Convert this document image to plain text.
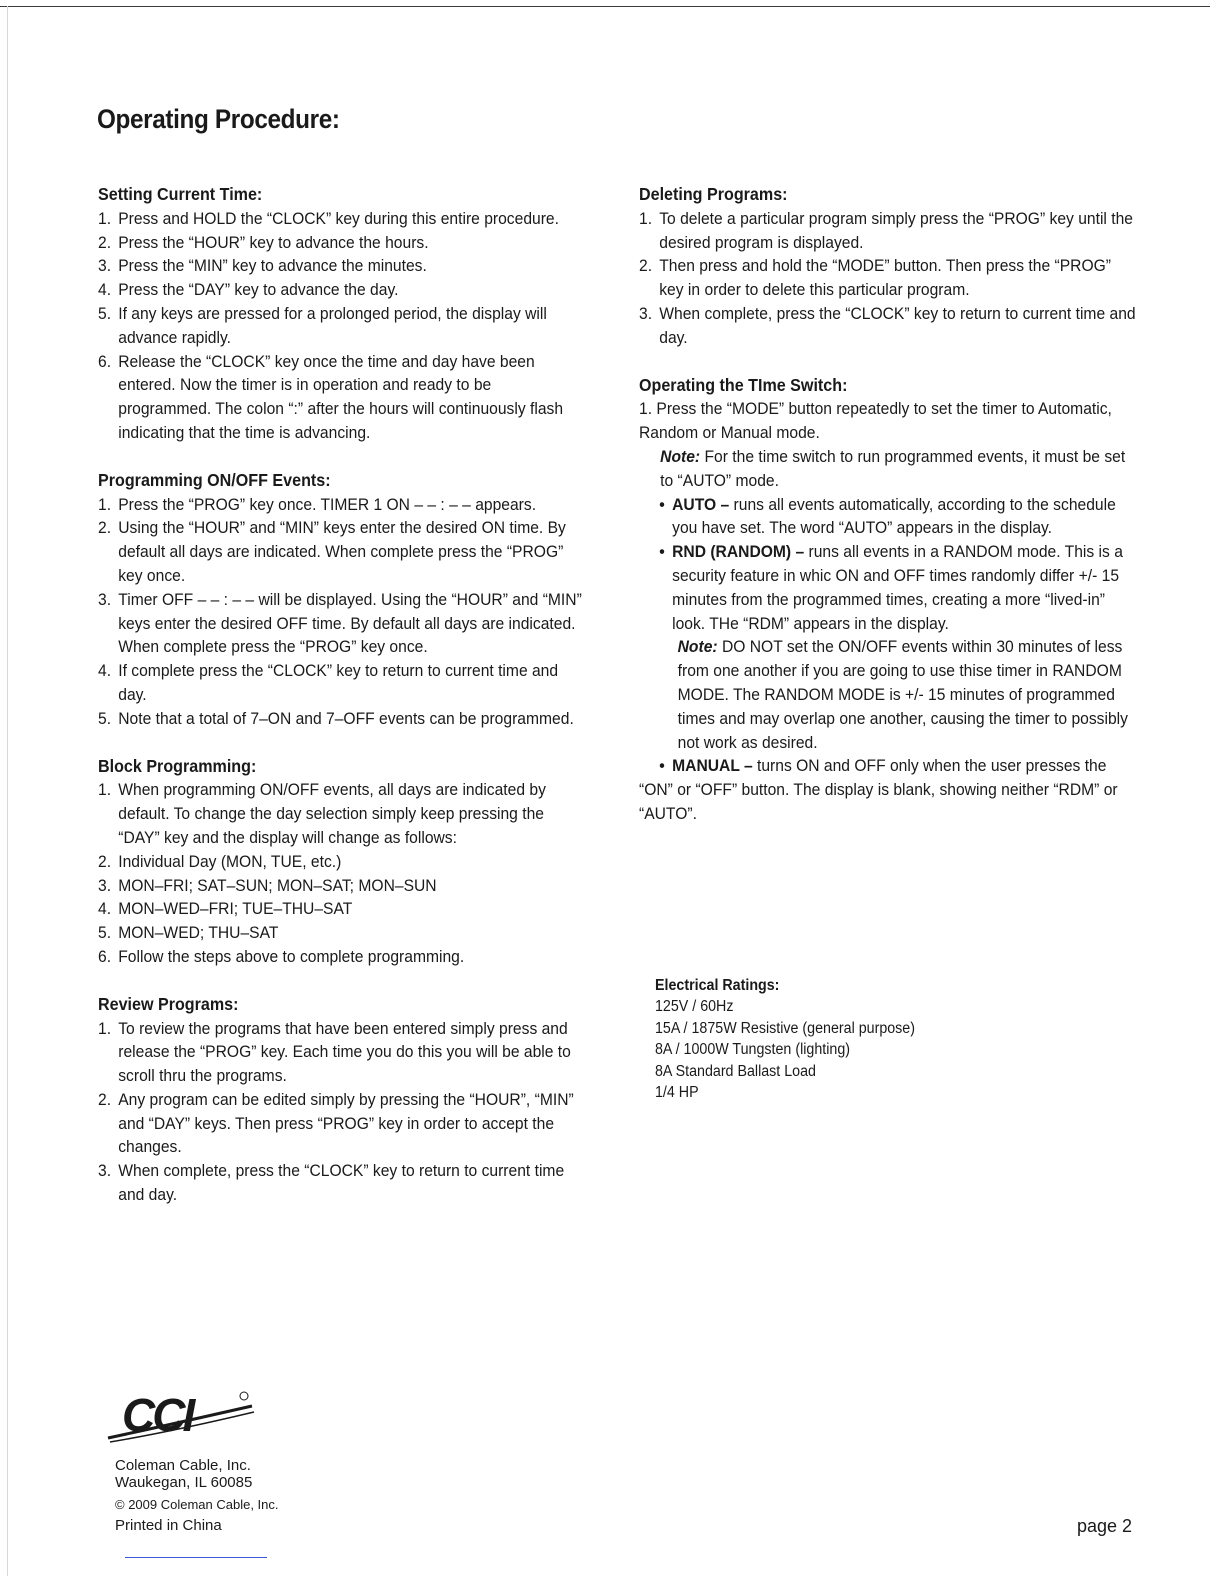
Operating Procedure:
Setting Current Time:
1. Press and HOLD the “CLOCK” key during this entire procedure.
2. Press the “HOUR” key to advance the hours.
3. Press the “MIN” key to advance the minutes.
4. Press the “DAY” key to advance the day.
5. If any keys are pressed for a prolonged period, the display will advance rapidly.
6. Release the “CLOCK” key once the time and day have been entered. Now the timer is in operation and ready to be programmed. The colon “:” after the hours will continuously flash indicating that the time is advancing.
Programming ON/OFF Events:
1. Press the “PROG” key once. TIMER 1 ON – – : – – appears.
2. Using the “HOUR” and “MIN” keys enter the desired ON time. By default all days are indicated. When complete press the “PROG” key once.
3. Timer OFF – – : – – will be displayed. Using the “HOUR” and “MIN” keys enter the desired OFF time. By default all days are indicated. When complete press the “PROG” key once.
4. If complete press the “CLOCK” key to return to current time and day.
5. Note that a total of 7–ON and 7–OFF events can be programmed.
Block Programming:
1. When programming ON/OFF events, all days are indicated by default. To change the day selection simply keep pressing the “DAY” key and the display will change as follows:
2. Individual Day (MON, TUE, etc.)
3. MON–FRI; SAT–SUN; MON–SAT; MON–SUN
4. MON–WED–FRI; TUE–THU–SAT
5. MON–WED; THU–SAT
6. Follow the steps above to complete programming.
Review Programs:
1. To review the programs that have been entered simply press and release the “PROG” key. Each time you do this you will be able to scroll thru the programs.
2. Any program can be edited simply by pressing the “HOUR”, “MIN” and “DAY” keys. Then press “PROG” key in order to accept the changes.
3. When complete, press the “CLOCK” key to return to current time and day.
Deleting Programs:
1. To delete a particular program simply press the “PROG” key until the desired program is displayed.
2. Then press and hold the “MODE” button. Then press the “PROG” key in order to delete this particular program.
3. When complete, press the “CLOCK” key to return to current time and day.
Operating the TIme Switch:

1. Press the “MODE” button repeatedly to set the timer to Automatic, Random or Manual mode.

Note: For the time switch to run programmed events, it must be set to “AUTO” mode.

• AUTO – runs all events automatically, according to the schedule you have set. The word “AUTO” appears in the display.

• RND (RANDOM) – runs all events in a RANDOM mode. This is a security feature in whic ON and OFF times randomly differ +/- 15 minutes from the programmed times, creating a more “lived-in” look. THe “RDM” appears in the display.

Note: DO NOT set the ON/OFF events within 30 minutes of less from one another if you are going to use thise timer in RANDOM MODE. The RANDOM MODE is +/- 15 minutes of programmed times and may overlap one another, causing the timer to possibly not work as desired.

• MANUAL – turns ON and OFF only when the user presses the
“ON” or “OFF” button. The display is blank, showing neither “RDM” or “AUTO”.
Electrical Ratings:

125V / 60Hz

15A / 1875W Resistive (general purpose)

8A / 1000W Tungsten (lighting)

8A Standard Ballast Load

1/4 HP

CCI

Coleman Cable, Inc.

Waukegan, IL 60085

© 2009 Coleman Cable, Inc.

Printed in China	page 2
